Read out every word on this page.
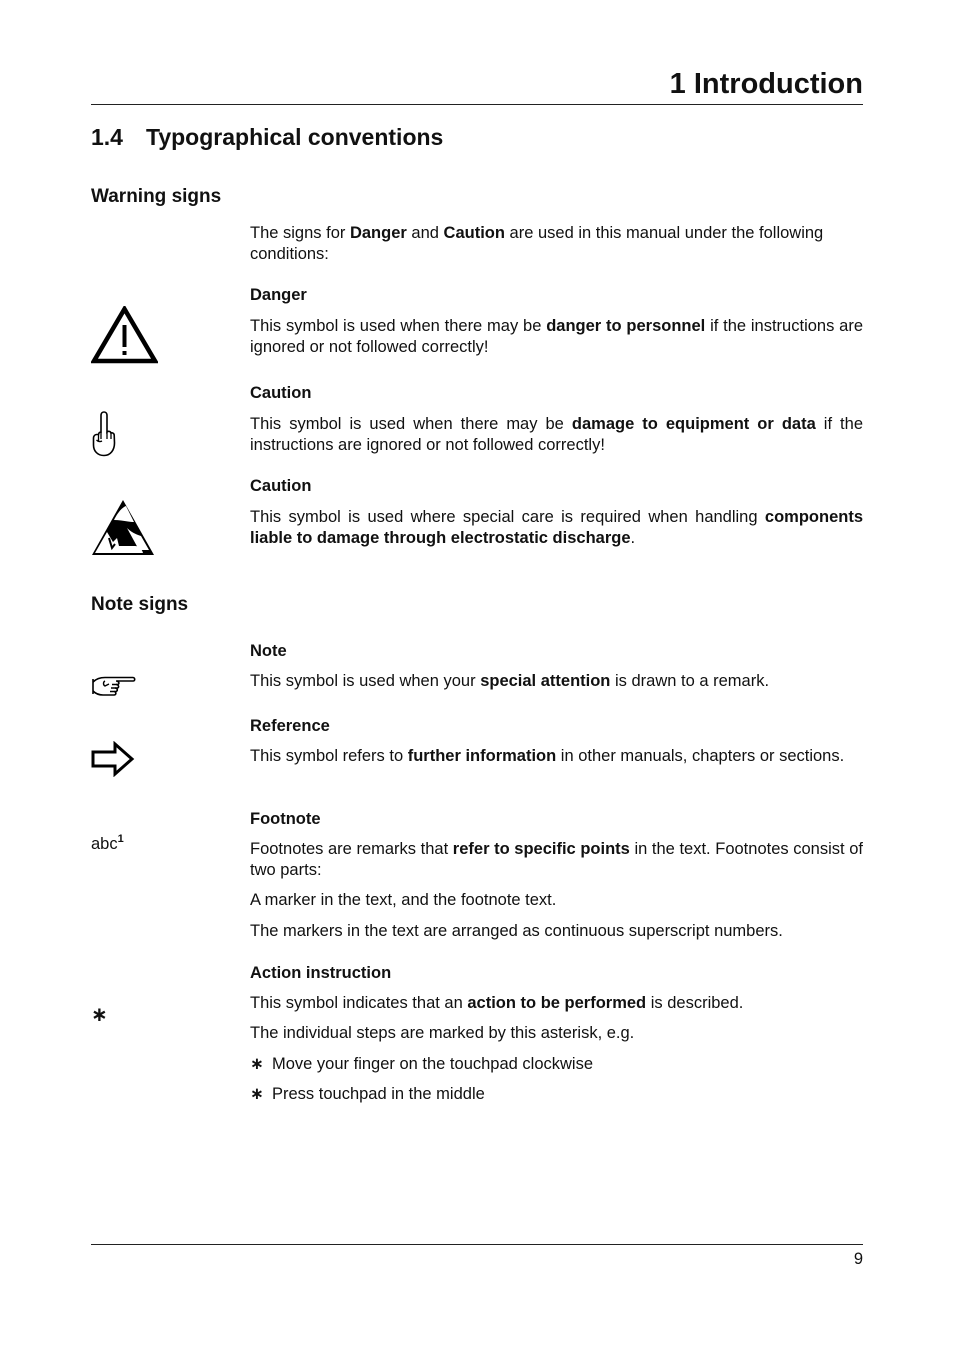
1 Introduction
1.4 Typographical conventions
Warning signs
The signs for Danger and Caution are used in this manual under the following conditions:
Danger
This symbol is used when there may be danger to personnel if the instructions are ignored or not followed correctly!
Caution
This symbol is used when there may be damage to equipment or data if the instructions are ignored or not followed correctly!
Caution
This symbol is used where special care is required when handling components liable to damage through electrostatic discharge.
Note signs
Note
This symbol is used when your special attention is drawn to a remark.
Reference
This symbol refers to further information in other manuals, chapters or sections.
Footnote
abc$^1$
Footnotes are remarks that refer to specific points in the text. Footnotes consist of two parts:
A marker in the text, and the footnote text.
The markers in the text are arranged as continuous superscript numbers.
Action instruction
∗
This symbol indicates that an action to be performed is described.
The individual steps are marked by this asterisk, e.g.
∗ Move your finger on the touchpad clockwise
∗ Press touchpad in the middle
9
